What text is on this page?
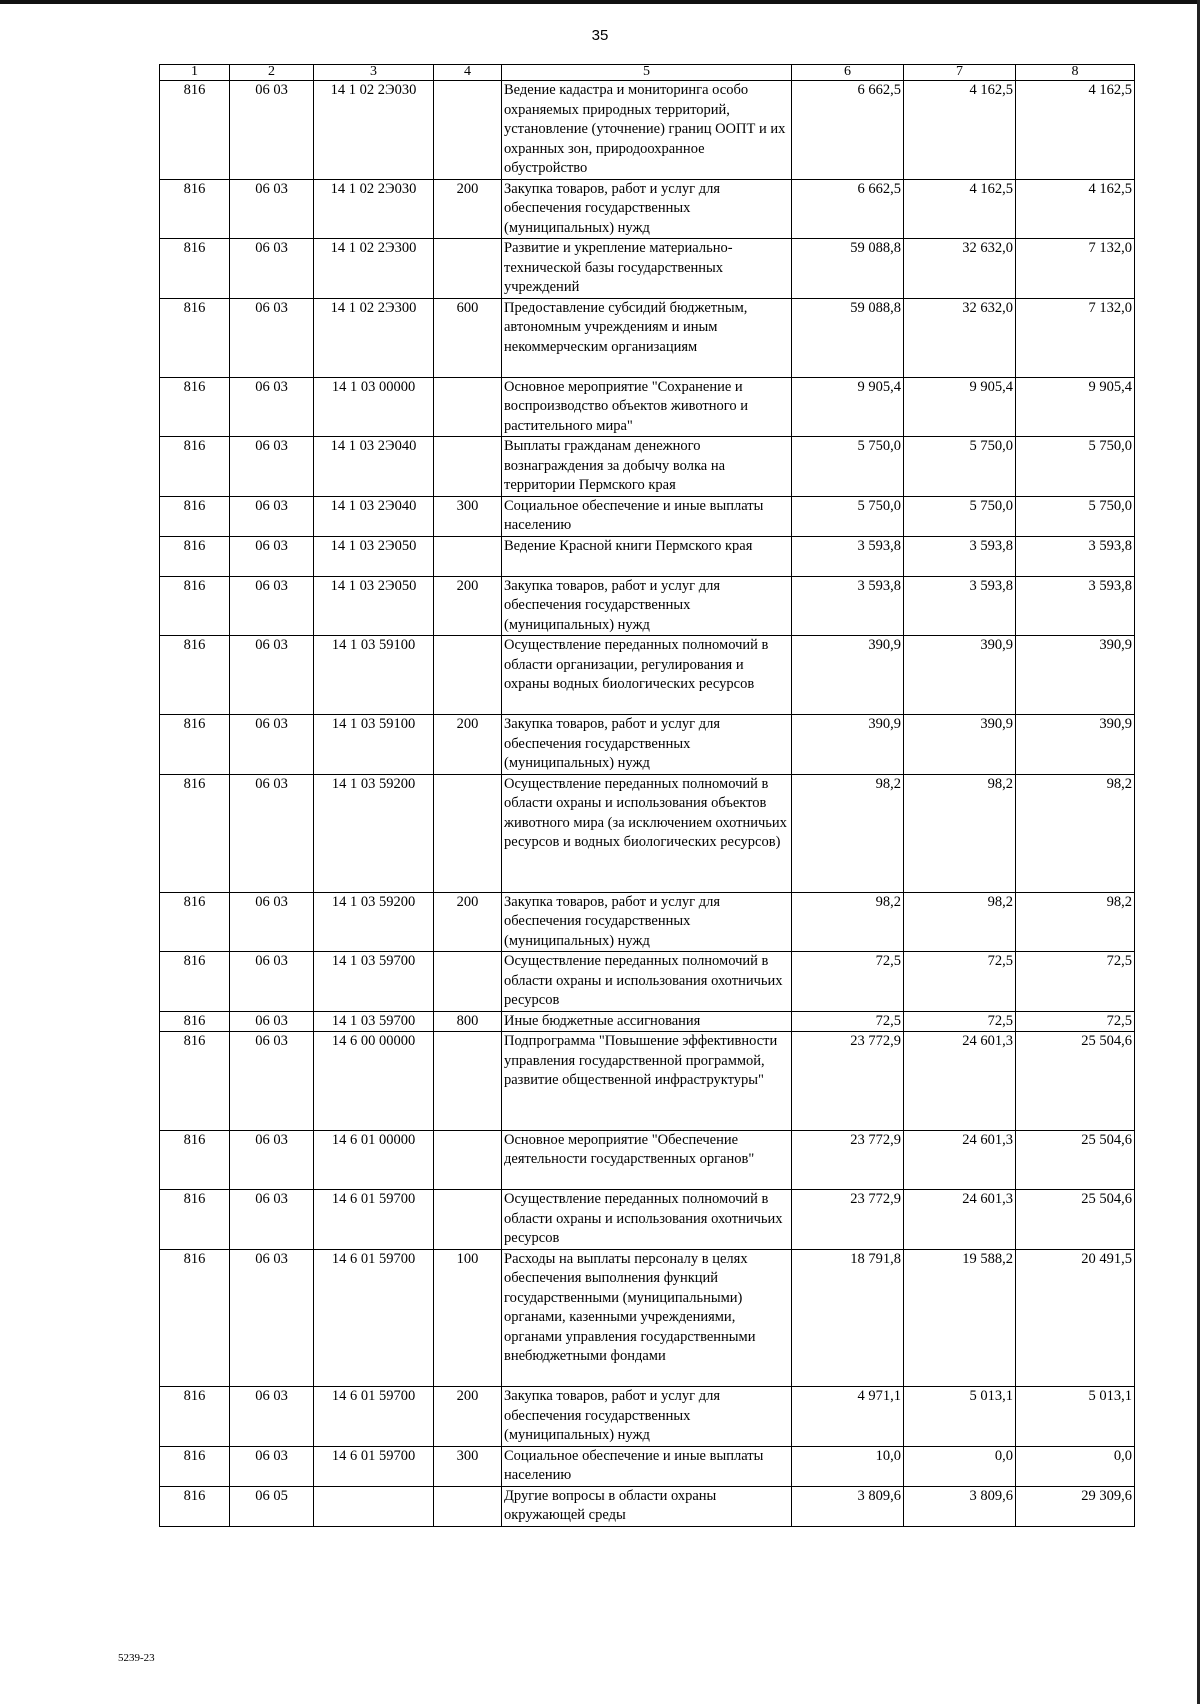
35
1	2	3	4	5	6	7	8
816	06 03	14 1 02 2Э030		Ведение кадастра и мониторинга особо охраняемых природных территорий, установление (уточнение) границ ООПТ и их охранных зон, природоохранное обустройство	6 662,5	4 162,5	4 162,5
816	06 03	14 1 02 2Э030	200	Закупка товаров, работ и услуг для обеспечения государственных (муниципальных) нужд	6 662,5	4 162,5	4 162,5
816	06 03	14 1 02 2Э300		Развитие и укрепление материально-технической базы государственных учреждений	59 088,8	32 632,0	7 132,0
816	06 03	14 1 02 2Э300	600	Предоставление субсидий бюджетным, автономным учреждениям и иным некоммерческим организациям	59 088,8	32 632,0	7 132,0
816	06 03	14 1 03 00000		Основное мероприятие "Сохранение и воспроизводство объектов животного и растительного мира"	9 905,4	9 905,4	9 905,4
816	06 03	14 1 03 2Э040		Выплаты гражданам денежного вознаграждения за добычу волка на территории Пермского края	5 750,0	5 750,0	5 750,0
816	06 03	14 1 03 2Э040	300	Социальное обеспечение и иные выплаты населению	5 750,0	5 750,0	5 750,0
816	06 03	14 1 03 2Э050		Ведение Красной книги Пермского края	3 593,8	3 593,8	3 593,8
816	06 03	14 1 03 2Э050	200	Закупка товаров, работ и услуг для обеспечения государственных (муниципальных) нужд	3 593,8	3 593,8	3 593,8
816	06 03	14 1 03 59100		Осуществление переданных полномочий в области организации, регулирования и охраны водных биологических ресурсов	390,9	390,9	390,9
816	06 03	14 1 03 59100	200	Закупка товаров, работ и услуг для обеспечения государственных (муниципальных) нужд	390,9	390,9	390,9
816	06 03	14 1 03 59200		Осуществление переданных полномочий в области охраны и использования объектов животного мира (за исключением охотничьих ресурсов и водных биологических ресурсов)	98,2	98,2	98,2
816	06 03	14 1 03 59200	200	Закупка товаров, работ и услуг для обеспечения государственных (муниципальных) нужд	98,2	98,2	98,2
816	06 03	14 1 03 59700		Осуществление переданных полномочий в области охраны и использования охотничьих ресурсов	72,5	72,5	72,5
816	06 03	14 1 03 59700	800	Иные бюджетные ассигнования	72,5	72,5	72,5
816	06 03	14 6 00 00000		Подпрограмма "Повышение эффективности управления государственной программой, развитие общественной инфраструктуры"	23 772,9	24 601,3	25 504,6
816	06 03	14 6 01 00000		Основное мероприятие "Обеспечение деятельности государственных органов"	23 772,9	24 601,3	25 504,6
816	06 03	14 6 01 59700		Осуществление переданных полномочий в области охраны и использования охотничьих ресурсов	23 772,9	24 601,3	25 504,6
816	06 03	14 6 01 59700	100	Расходы на выплаты персоналу в целях обеспечения выполнения функций государственными (муниципальными) органами, казенными учреждениями, органами управления государственными внебюджетными фондами	18 791,8	19 588,2	20 491,5
816	06 03	14 6 01 59700	200	Закупка товаров, работ и услуг для обеспечения государственных (муниципальных) нужд	4 971,1	5 013,1	5 013,1
816	06 03	14 6 01 59700	300	Социальное обеспечение и иные выплаты населению	10,0	0,0	0,0
816	06 05			Другие вопросы в области охраны окружающей среды	3 809,6	3 809,6	29 309,6
5239-23
